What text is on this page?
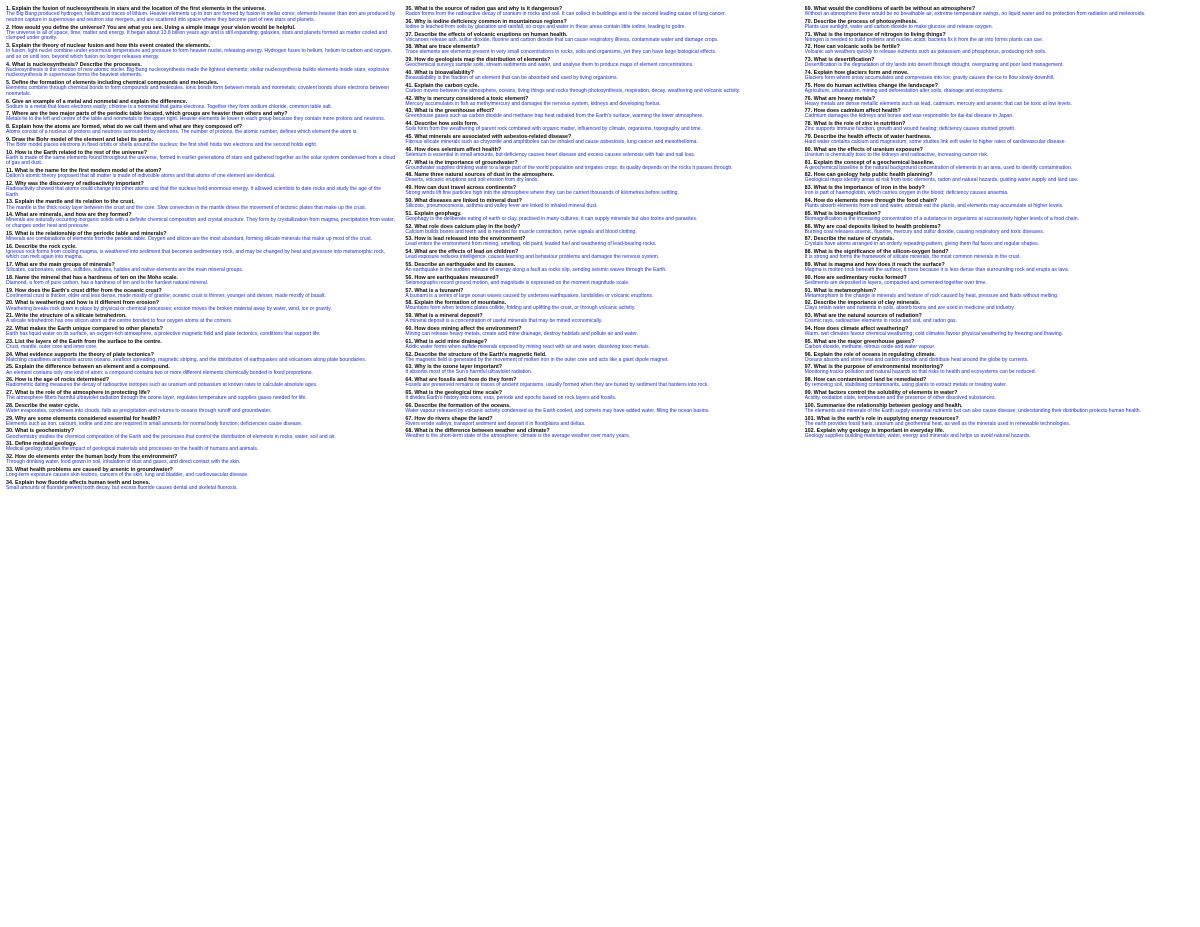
1. Explain the fusion of nucleosynthesis in stars and the location of the first elements in the universe.
The Big Bang produced hydrogen, helium and traces of lithium. Heavier elements up to iron are formed by fusion in stellar cores; elements heavier than iron are produced by neutron capture in supernovae and neutron star mergers, and are scattered into space where they become part of new stars and planets.
2. How would you define the universe? You are what you see. Using a simple image your vision would be helpful.
The universe is all of space, time, matter and energy. It began about 13.8 billion years ago and is still expanding; galaxies, stars and planets formed as matter cooled and clumped under gravity.
3. Explain the theory of nuclear fusion and how this event created the elements.
In fusion, light nuclei combine under enormous temperature and pressure to form heavier nuclei, releasing energy. Hydrogen fuses to helium, helium to carbon and oxygen, and so on until iron, beyond which fusion no longer releases energy.
4. What is nucleosynthesis? Describe the processes.
Nucleosynthesis is the creation of new atomic nuclei. Big Bang nucleosynthesis made the lightest elements; stellar nucleosynthesis builds elements inside stars; explosive nucleosynthesis in supernovae forms the heaviest elements.
5. Define the formation of elements including chemical compounds and molecules.
Elements combine through chemical bonds to form compounds and molecules. Ionic bonds form between metals and nonmetals; covalent bonds share electrons between nonmetals.
6. Give an example of a metal and nonmetal and explain the difference.
Sodium is a metal that loses electrons easily; chlorine is a nonmetal that gains electrons. Together they form sodium chloride, common table salt.
7. Where are the two major parts of the periodic table located, which groups are heavier than others and why?
Metals lie to the left and centre of the table and nonmetals to the upper right. Heavier elements lie lower in each group because they contain more protons and neutrons.
8. Explain how the atoms are formed, what do we call them and what are they composed of?
Atoms consist of a nucleus of protons and neutrons surrounded by electrons. The number of protons, the atomic number, defines which element the atom is.
9. Draw the Bohr model of the element and label its parts.
The Bohr model places electrons in fixed orbits or shells around the nucleus; the first shell holds two electrons and the second holds eight.
10. How is the Earth related to the rest of the universe?
Earth is made of the same elements found throughout the universe, formed in earlier generations of stars and gathered together as the solar system condensed from a cloud of gas and dust.
11. What is the name for the first modern model of the atom?
Dalton's atomic theory proposed that all matter is made of indivisible atoms and that atoms of one element are identical.
12. Why was the discovery of radioactivity important?
Radioactivity showed that atoms could change into other atoms and that the nucleus held enormous energy. It allowed scientists to date rocks and study the age of the Earth.
13. Explain the mantle and its relation to the crust.
The mantle is the thick rocky layer between the crust and the core. Slow convection in the mantle drives the movement of tectonic plates that make up the crust.
14. What are minerals, and how are they formed?
Minerals are naturally occurring inorganic solids with a definite chemical composition and crystal structure. They form by crystallization from magma, precipitation from water, or changes under heat and pressure.
15. What is the relationship of the periodic table and minerals?
Minerals are combinations of elements from the periodic table. Oxygen and silicon are the most abundant, forming silicate minerals that make up most of the crust.
16. Describe the rock cycle.
Igneous rock forms from cooling magma, is weathered into sediment that becomes sedimentary rock, and may be changed by heat and pressure into metamorphic rock, which can melt again into magma.
17. What are the main groups of minerals?
Silicates, carbonates, oxides, sulfides, sulfates, halides and native elements are the main mineral groups.
18. Name the mineral that has a hardness of ten on the Mohs scale.
Diamond, a form of pure carbon, has a hardness of ten and is the hardest natural mineral.
19. How does the Earth's crust differ from the oceanic crust?
Continental crust is thicker, older and less dense, made mostly of granite; oceanic crust is thinner, younger and denser, made mostly of basalt.
20. What is weathering and how is it different from erosion?
Weathering breaks rock down in place by physical or chemical processes; erosion moves the broken material away by water, wind, ice or gravity.
21. Write the structure of a silicate tetrahedron.
A silicate tetrahedron has one silicon atom at the centre bonded to four oxygen atoms at the corners.
22. What makes the Earth unique compared to other planets?
Earth has liquid water on its surface, an oxygen-rich atmosphere, a protective magnetic field and plate tectonics, conditions that support life.
23. List the layers of the Earth from the surface to the centre.
Crust, mantle, outer core and inner core.
24. What evidence supports the theory of plate tectonics?
Matching coastlines and fossils across oceans, seafloor spreading, magnetic striping, and the distribution of earthquakes and volcanoes along plate boundaries.
25. Explain the difference between an element and a compound.
An element contains only one kind of atom; a compound contains two or more different elements chemically bonded in fixed proportions.
26. How is the age of rocks determined?
Radiometric dating measures the decay of radioactive isotopes such as uranium and potassium at known rates to calculate absolute ages.
27. What is the role of the atmosphere in protecting life?
The atmosphere filters harmful ultraviolet radiation through the ozone layer, regulates temperature and supplies gases needed for life.
28. Describe the water cycle.
Water evaporates, condenses into clouds, falls as precipitation and returns to oceans through runoff and groundwater.
29. Why are some elements considered essential for health?
Elements such as iron, calcium, iodine and zinc are required in small amounts for normal body function; deficiencies cause disease.
30. What is geochemistry?
Geochemistry studies the chemical composition of the Earth and the processes that control the distribution of elements in rocks, water, soil and air.
31. Define medical geology.
Medical geology studies the impact of geological materials and processes on the health of humans and animals.
32. How do elements enter the human body from the environment?
Through drinking water, food grown in soil, inhalation of dust and gases, and direct contact with the skin.
33. What health problems are caused by arsenic in groundwater?
Long-term exposure causes skin lesions, cancers of the skin, lung and bladder, and cardiovascular disease.
34. Explain how fluoride affects human teeth and bones.
Small amounts of fluoride prevent tooth decay, but excess fluoride causes dental and skeletal fluorosis.
35. What is the source of radon gas and why is it dangerous?
Radon forms from the radioactive decay of uranium in rocks and soil. It can collect in buildings and is the second leading cause of lung cancer.
36. Why is iodine deficiency common in mountainous regions?
Iodine is leached from soils by glaciation and rainfall, so crops and water in these areas contain little iodine, leading to goitre.
37. Describe the effects of volcanic eruptions on human health.
Volcanoes release ash, sulfur dioxide, fluorine and carbon dioxide that can cause respiratory illness, contaminate water and damage crops.
38. What are trace elements?
Trace elements are elements present in very small concentrations in rocks, soils and organisms, yet they can have large biological effects.
39. How do geologists map the distribution of elements?
Geochemical surveys sample soils, stream sediments and water, and analyse them to produce maps of element concentrations.
40. What is bioavailability?
Bioavailability is the fraction of an element that can be absorbed and used by living organisms.
41. Explain the carbon cycle.
Carbon moves between the atmosphere, oceans, living things and rocks through photosynthesis, respiration, decay, weathering and volcanic activity.
42. Why is mercury considered a toxic element?
Mercury accumulates in fish as methylmercury and damages the nervous system, kidneys and developing foetus.
43. What is the greenhouse effect?
Greenhouse gases such as carbon dioxide and methane trap heat radiated from the Earth's surface, warming the lower atmosphere.
44. Describe how soils form.
Soils form from the weathering of parent rock combined with organic matter, influenced by climate, organisms, topography and time.
45. What minerals are associated with asbestos-related disease?
Fibrous silicate minerals such as chrysotile and amphiboles can be inhaled and cause asbestosis, lung cancer and mesothelioma.
46. How does selenium affect health?
Selenium is essential in small amounts, but deficiency causes heart disease and excess causes selenosis with hair and nail loss.
47. What is the importance of groundwater?
Groundwater supplies drinking water to a large part of the world population and irrigates crops; its quality depends on the rocks it passes through.
48. Name three natural sources of dust in the atmosphere.
Deserts, volcanic eruptions and soil erosion from dry lands.
49. How can dust travel across continents?
Strong winds lift fine particles high into the atmosphere where they can be carried thousands of kilometres before settling.
50. What diseases are linked to mineral dust?
Silicosis, pneumoconiosis, asthma and valley fever are linked to inhaled mineral dust.
51. Explain geophagy.
Geophagy is the deliberate eating of earth or clay, practised in many cultures; it can supply minerals but also toxins and parasites.
52. What role does calcium play in the body?
Calcium builds bones and teeth and is needed for muscle contraction, nerve signals and blood clotting.
53. How is lead released into the environment?
Lead enters the environment from mining, smelting, old paint, leaded fuel and weathering of lead-bearing rocks.
54. What are the effects of lead on children?
Lead exposure reduces intelligence, causes learning and behaviour problems and damages the nervous system.
55. Describe an earthquake and its causes.
An earthquake is the sudden release of energy along a fault as rocks slip, sending seismic waves through the Earth.
56. How are earthquakes measured?
Seismographs record ground motion, and magnitude is expressed on the moment magnitude scale.
57. What is a tsunami?
A tsunami is a series of large ocean waves caused by undersea earthquakes, landslides or volcanic eruptions.
58. Explain the formation of mountains.
Mountains form when tectonic plates collide, folding and uplifting the crust, or through volcanic activity.
59. What is a mineral deposit?
A mineral deposit is a concentration of useful minerals that may be mined economically.
60. How does mining affect the environment?
Mining can release heavy metals, create acid mine drainage, destroy habitats and pollute air and water.
61. What is acid mine drainage?
Acidic water forms when sulfide minerals exposed by mining react with air and water, dissolving toxic metals.
62. Describe the structure of the Earth's magnetic field.
The magnetic field is generated by the movement of molten iron in the outer core and acts like a giant dipole magnet.
63. Why is the ozone layer important?
It absorbs most of the Sun's harmful ultraviolet radiation.
64. What are fossils and how do they form?
Fossils are preserved remains or traces of ancient organisms, usually formed when they are buried by sediment that hardens into rock.
65. What is the geological time scale?
It divides Earth's history into eons, eras, periods and epochs based on rock layers and fossils.
66. Describe the formation of the oceans.
Water vapour released by volcanic activity condensed as the Earth cooled, and comets may have added water, filling the ocean basins.
67. How do rivers shape the land?
Rivers erode valleys, transport sediment and deposit it in floodplains and deltas.
68. What is the difference between weather and climate?
Weather is the short-term state of the atmosphere; climate is the average weather over many years.
69. What would the conditions of earth be without an atmosphere?
Without an atmosphere there would be no breathable air, extreme temperature swings, no liquid water and no protection from radiation and meteoroids.
70. Describe the process of photosynthesis.
Plants use sunlight, water and carbon dioxide to make glucose and release oxygen.
71. What is the importance of nitrogen to living things?
Nitrogen is needed to build proteins and nucleic acids; bacteria fix it from the air into forms plants can use.
72. How can volcanic soils be fertile?
Volcanic ash weathers quickly to release nutrients such as potassium and phosphorus, producing rich soils.
73. What is desertification?
Desertification is the degradation of dry lands into desert through drought, overgrazing and poor land management.
74. Explain how glaciers form and move.
Glaciers form where snow accumulates and compresses into ice; gravity causes the ice to flow slowly downhill.
75. How do human activities change the landscape?
Agriculture, urbanisation, mining and deforestation alter soils, drainage and ecosystems.
76. What are heavy metals?
Heavy metals are dense metallic elements such as lead, cadmium, mercury and arsenic that can be toxic at low levels.
77. How does cadmium affect health?
Cadmium damages the kidneys and bones and was responsible for itai-itai disease in Japan.
78. What is the role of zinc in nutrition?
Zinc supports immune function, growth and wound healing; deficiency causes stunted growth.
79. Describe the health effects of water hardness.
Hard water contains calcium and magnesium; some studies link soft water to higher rates of cardiovascular disease.
80. What are the effects of uranium exposure?
Uranium is chemically toxic to the kidneys and radioactive, increasing cancer risk.
81. Explain the concept of a geochemical baseline.
A geochemical baseline is the natural background concentration of elements in an area, used to identify contamination.
82. How can geology help public health planning?
Geological maps identify areas at risk from toxic elements, radon and natural hazards, guiding water supply and land use.
83. What is the importance of iron in the body?
Iron is part of haemoglobin, which carries oxygen in the blood; deficiency causes anaemia.
84. How do elements move through the food chain?
Plants absorb elements from soil and water, animals eat the plants, and elements may accumulate at higher levels.
85. What is biomagnification?
Biomagnification is the increasing concentration of a substance in organisms at successively higher levels of a food chain.
86. Why are coal deposits linked to health problems?
Burning coal releases arsenic, fluorine, mercury and sulfur dioxide, causing respiratory and toxic diseases.
87. Describe the nature of crystals.
Crystals have atoms arranged in an orderly repeating pattern, giving them flat faces and regular shapes.
88. What is the significance of the silicon-oxygen bond?
It is strong and forms the framework of silicate minerals, the most common minerals in the crust.
89. What is magma and how does it reach the surface?
Magma is molten rock beneath the surface; it rises because it is less dense than surrounding rock and erupts as lava.
90. How are sedimentary rocks formed?
Sediments are deposited in layers, compacted and cemented together over time.
91. What is metamorphism?
Metamorphism is the change in minerals and texture of rock caused by heat, pressure and fluids without melting.
92. Describe the importance of clay minerals.
Clays retain water and nutrients in soils, absorb toxins and are used in medicine and industry.
93. What are the natural sources of radiation?
Cosmic rays, radioactive elements in rocks and soil, and radon gas.
94. How does climate affect weathering?
Warm, wet climates favour chemical weathering; cold climates favour physical weathering by freezing and thawing.
95. What are the major greenhouse gases?
Carbon dioxide, methane, nitrous oxide and water vapour.
96. Explain the role of oceans in regulating climate.
Oceans absorb and store heat and carbon dioxide and distribute heat around the globe by currents.
97. What is the purpose of environmental monitoring?
Monitoring tracks pollution and natural hazards so that risks to health and ecosystems can be reduced.
98. How can contaminated land be remediated?
By removing soil, stabilising contaminants, using plants to extract metals or treating water.
99. What factors control the solubility of elements in water?
Acidity, oxidation state, temperature and the presence of other dissolved substances.
100. Summarise the relationship between geology and health.
The elements and minerals of the Earth supply essential nutrients but can also cause disease; understanding their distribution protects human health.
101. What is the earth's role in supplying energy resources?
The earth provides fossil fuels, uranium and geothermal heat, as well as the minerals used in renewable technologies.
102. Explain why geology is important in everyday life.
Geology supplies building materials, water, energy and minerals and helps us avoid natural hazards.
